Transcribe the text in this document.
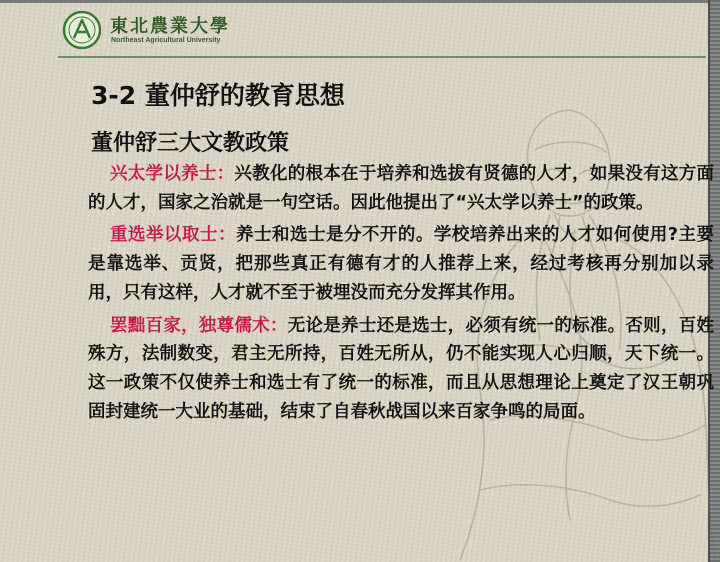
東北農業大學
Northeast Agricultural University
3-2 董仲舒的教育思想
董仲舒三大文教政策

兴太学以养士：兴教化的根本在于培养和选拔有贤德的人才，如果没有这方面的人才，国家之治就是一句空话。因此他提出了“兴太学以养士”的政策。

重选举以取士：养士和选士是分不开的。学校培养出来的人才如何使用?主要是靠选举、贡贤，把那些真正有德有才的人推荐上来，经过考核再分别加以录用，只有这样，人才就不至于被埋没而充分发挥其作用。

罢黜百家，独尊儒术：无论是养士还是选士，必须有统一的标准。否则，百姓殊方，法制数变，君主无所持，百姓无所从，仍不能实现人心归顺，天下统一。这一政策不仅使养士和选士有了统一的标准，而且从思想理论上奠定了汉王朝巩固封建统一大业的基础，结束了自春秋战国以来百家争鸣的局面。
